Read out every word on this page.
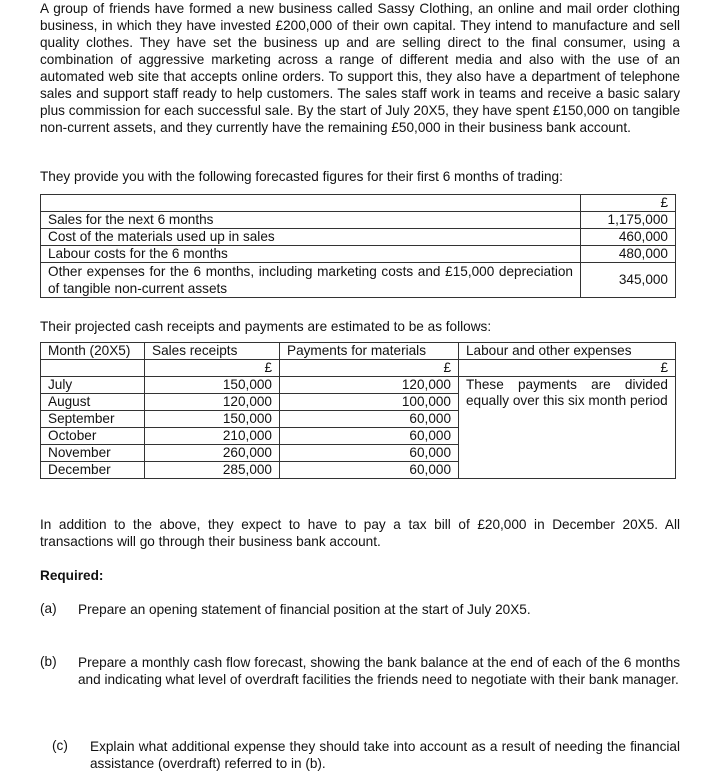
A group of friends have formed a new business called Sassy Clothing, an online and mail order clothing business, in which they have invested £200,000 of their own capital. They intend to manufacture and sell quality clothes. They have set the business up and are selling direct to the final consumer, using a combination of aggressive marketing across a range of different media and also with the use of an automated web site that accepts online orders. To support this, they also have a department of telephone sales and support staff ready to help customers. The sales staff work in teams and receive a basic salary plus commission for each successful sale. By the start of July 20X5, they have spent £150,000 on tangible non-current assets, and they currently have the remaining £50,000 in their business bank account.

They provide you with the following forecasted figures for their first 6 months of trading:

	£
Sales for the next 6 months	1,175,000
Cost of the materials used up in sales	460,000
Labour costs for the 6 months	480,000
Other expenses for the 6 months, including marketing costs and £15,000 depreciation of tangible non-current assets	345,000

Their projected cash receipts and payments are estimated to be as follows:

Month (20X5)	Sales receipts	Payments for materials	Labour and other expenses
	£	£	£
July	150,000	120,000	These payments are divided equally over this six month period
August	120,000	100,000	
September	150,000	60,000	
October	210,000	60,000	
November	260,000	60,000	
December	285,000	60,000	

In addition to the above, they expect to have to pay a tax bill of £20,000 in December 20X5. All transactions will go through their business bank account.

Required:
(a)	Prepare an opening statement of financial position at the start of July 20X5.
(b)	Prepare a monthly cash flow forecast, showing the bank balance at the end of each of the 6 months and indicating what level of overdraft facilities the friends need to negotiate with their bank manager.
(c)	Explain what additional expense they should take into account as a result of needing the financial assistance (overdraft) referred to in (b).
